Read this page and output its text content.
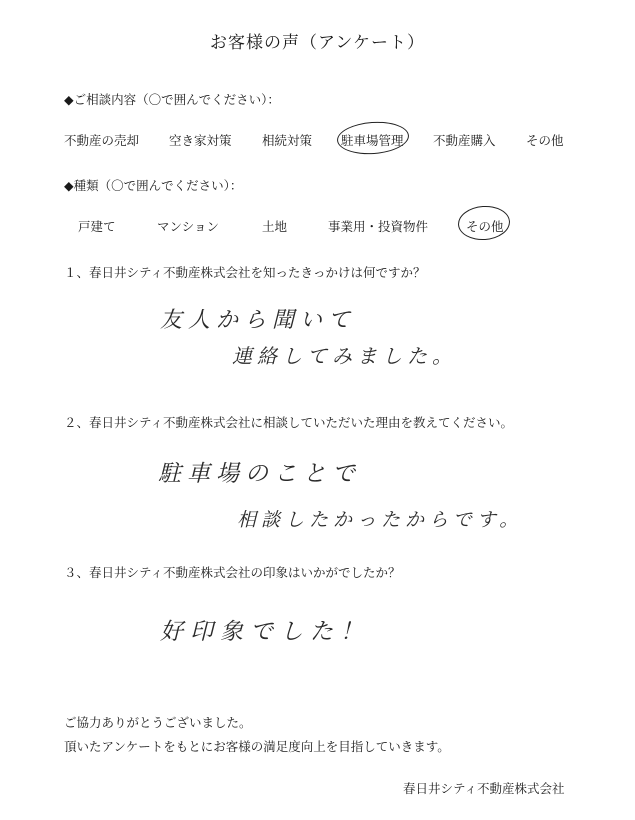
お客様の声（アンケート）
◆ご相談内容（〇で囲んでください）：
不動産の売却 空き家対策 相続対策 駐車場管理 不動産購入 その他
◆種類（〇で囲んでください）：
戸建て	マンション	土地	事業用・投資物件	その他
１、春日井シティ不動産株式会社を知ったきっかけは何ですか？
友人から聞いて
連絡してみました。
２、春日井シティ不動産株式会社に相談していただいた理由を教えてください。
駐車場のことで
相談したかったからです。
３、春日井シティ不動産株式会社の印象はいかがでしたか？
好印象でした！
ご協力ありがとうございました。
頂いたアンケートをもとにお客様の満足度向上を目指していきます。
春日井シティ不動産株式会社
